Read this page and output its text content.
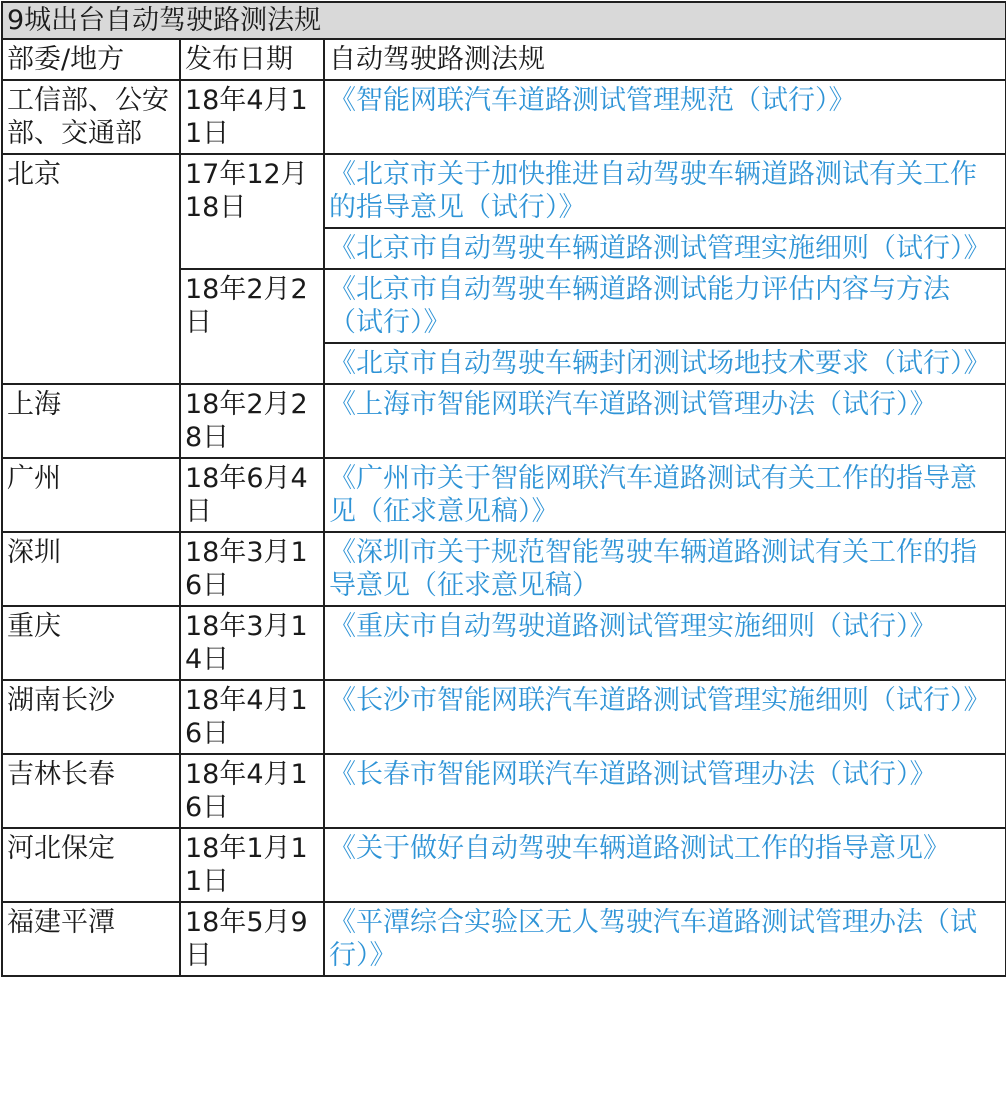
9城出台自动驾驶路测法规		
部委/地方	发布日期	自动驾驶路测法规
工信部、公安部、交通部	18年4月11日	《智能网联汽车道路测试管理规范（试行）》
北京	17年12月18日	《北京市关于加快推进自动驾驶车辆道路测试有关工作的指导意见（试行）》
		《北京市自动驾驶车辆道路测试管理实施细则（试行）》
	18年2月2日	《北京市自动驾驶车辆道路测试能力评估内容与方法（试行）》
		《北京市自动驾驶车辆封闭测试场地技术要求（试行）》
上海	18年2月28日	《上海市智能网联汽车道路测试管理办法（试行）》
广州	18年6月4日	《广州市关于智能网联汽车道路测试有关工作的指导意见（征求意见稿）》
深圳	18年3月16日	《深圳市关于规范智能驾驶车辆道路测试有关工作的指导意见（征求意见稿）
重庆	18年3月14日	《重庆市自动驾驶道路测试管理实施细则（试行）》
湖南长沙	18年4月16日	《长沙市智能网联汽车道路测试管理实施细则（试行）》
吉林长春	18年4月16日	《长春市智能网联汽车道路测试管理办法（试行）》
河北保定	18年1月11日	《关于做好自动驾驶车辆道路测试工作的指导意见》
福建平潭	18年5月9日	《平潭综合实验区无人驾驶汽车道路测试管理办法（试行）》
